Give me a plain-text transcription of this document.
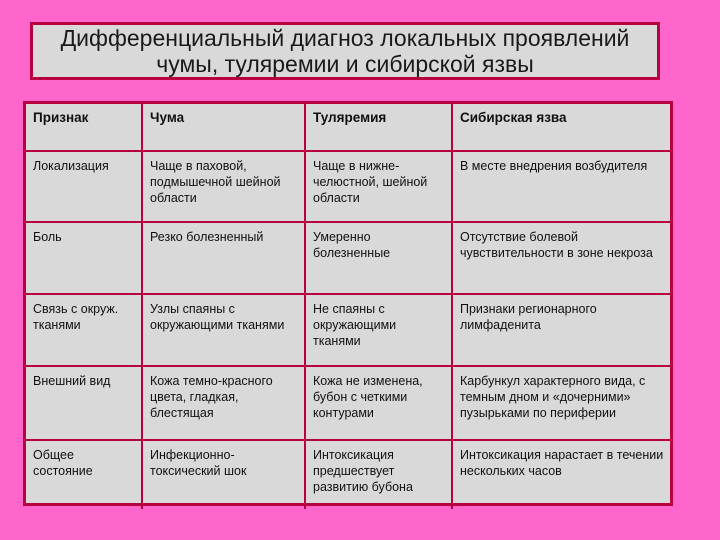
Дифференциальный диагноз локальных проявлений
чумы, туляремии и сибирской язвы
Признак	Чума	Туляремия	Сибирская язва
Локализация	Чаще в паховой, подмышечной шейной области	Чаще в нижне-челюстной, шейной области	В месте внедрения возбудителя
Боль	Резко болезненный	Умеренно болезненные	Отсутствие болевой чувствительности в зоне некроза
Связь с окруж. тканями	Узлы спаяны с окружающими тканями	Не спаяны с окружающими тканями	Признаки регионарного лимфаденита
Внешний вид	Кожа темно-красного цвета, гладкая, блестящая	Кожа не изменена, бубон с четкими контурами	Карбункул характерного вида, с темным дном и «дочерними» пузырьками по периферии
Общее состояние	Инфекционно-токсический шок	Интоксикация предшествует развитию бубона	Интоксикация нарастает в течении нескольких часов
